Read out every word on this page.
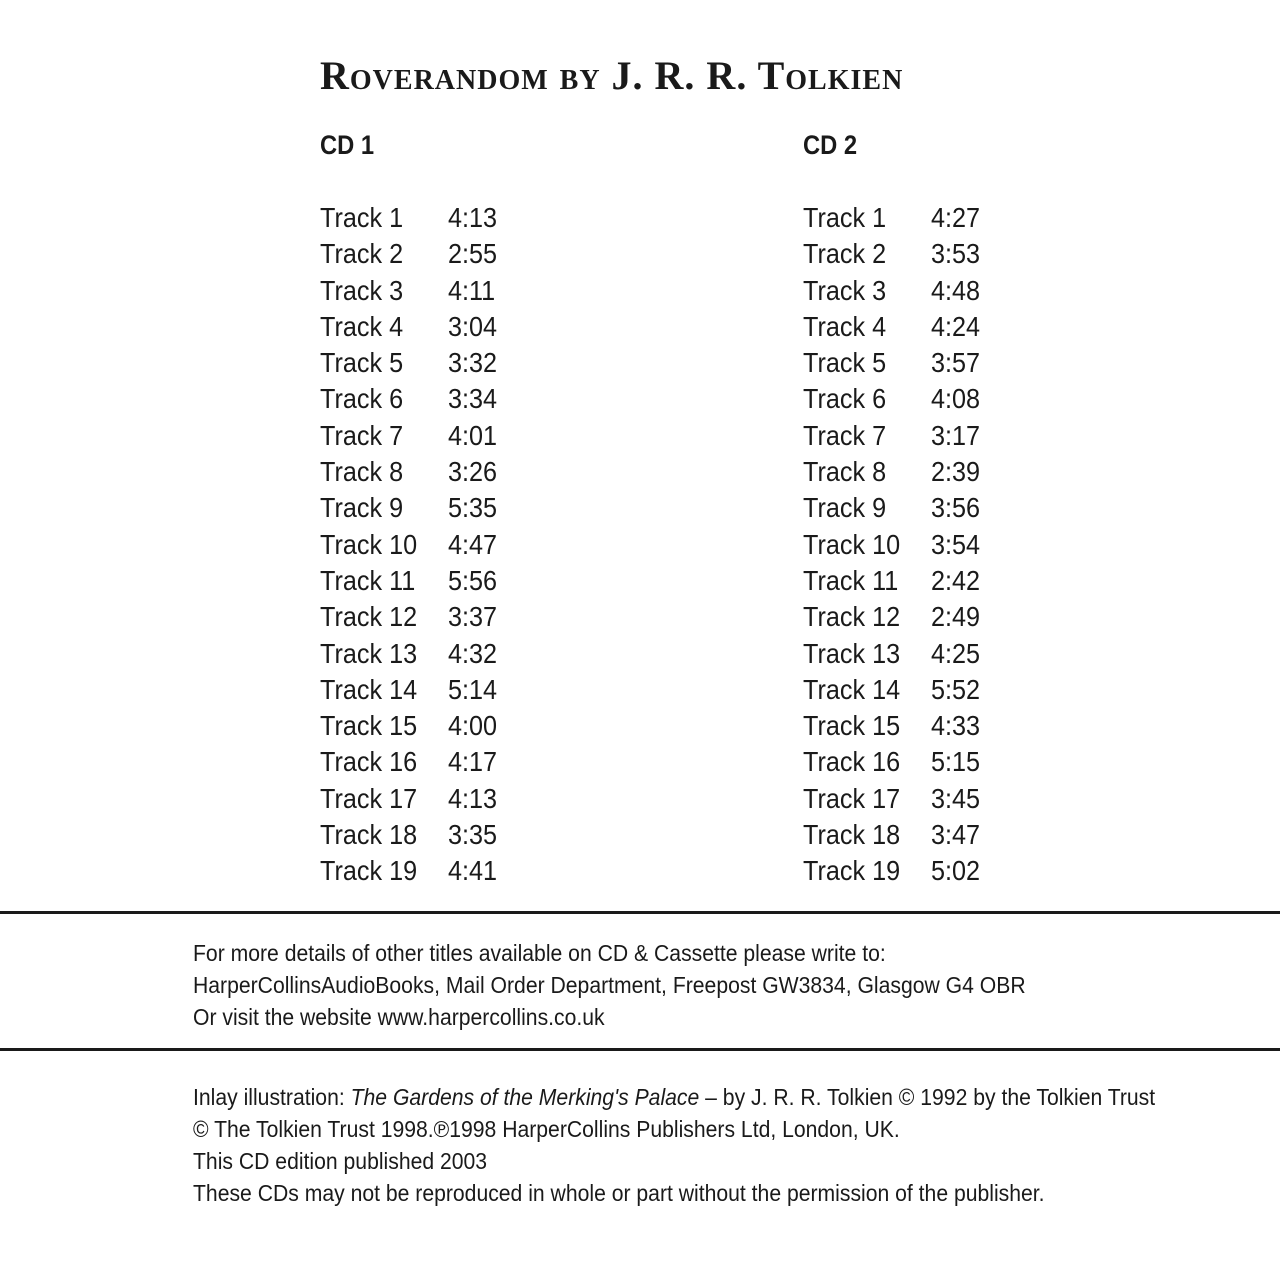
Roverandom by J. R. R. Tolkien
CD 1
Track 1	4:13
Track 2	2:55
Track 3	4:11
Track 4	3:04
Track 5	3:32
Track 6	3:34
Track 7	4:01
Track 8	3:26
Track 9	5:35
Track 10	4:47
Track 11	5:56
Track 12	3:37
Track 13	4:32
Track 14	5:14
Track 15	4:00
Track 16	4:17
Track 17	4:13
Track 18	3:35
Track 19	4:41
CD 2
Track 1	4:27
Track 2	3:53
Track 3	4:48
Track 4	4:24
Track 5	3:57
Track 6	4:08
Track 7	3:17
Track 8	2:39
Track 9	3:56
Track 10	3:54
Track 11	2:42
Track 12	2:49
Track 13	4:25
Track 14	5:52
Track 15	4:33
Track 16	5:15
Track 17	3:45
Track 18	3:47
Track 19	5:02
For more details of other titles available on CD & Cassette please write to:
HarperCollinsAudioBooks, Mail Order Department, Freepost GW3834, Glasgow G4 OBR
Or visit the website www.harpercollins.co.uk
Inlay illustration: The Gardens of the Merking's Palace – by J. R. R. Tolkien © 1992 by the Tolkien Trust
© The Tolkien Trust 1998.℗1998 HarperCollins Publishers Ltd, London, UK.
This CD edition published 2003
These CDs may not be reproduced in whole or part without the permission of the publisher.
